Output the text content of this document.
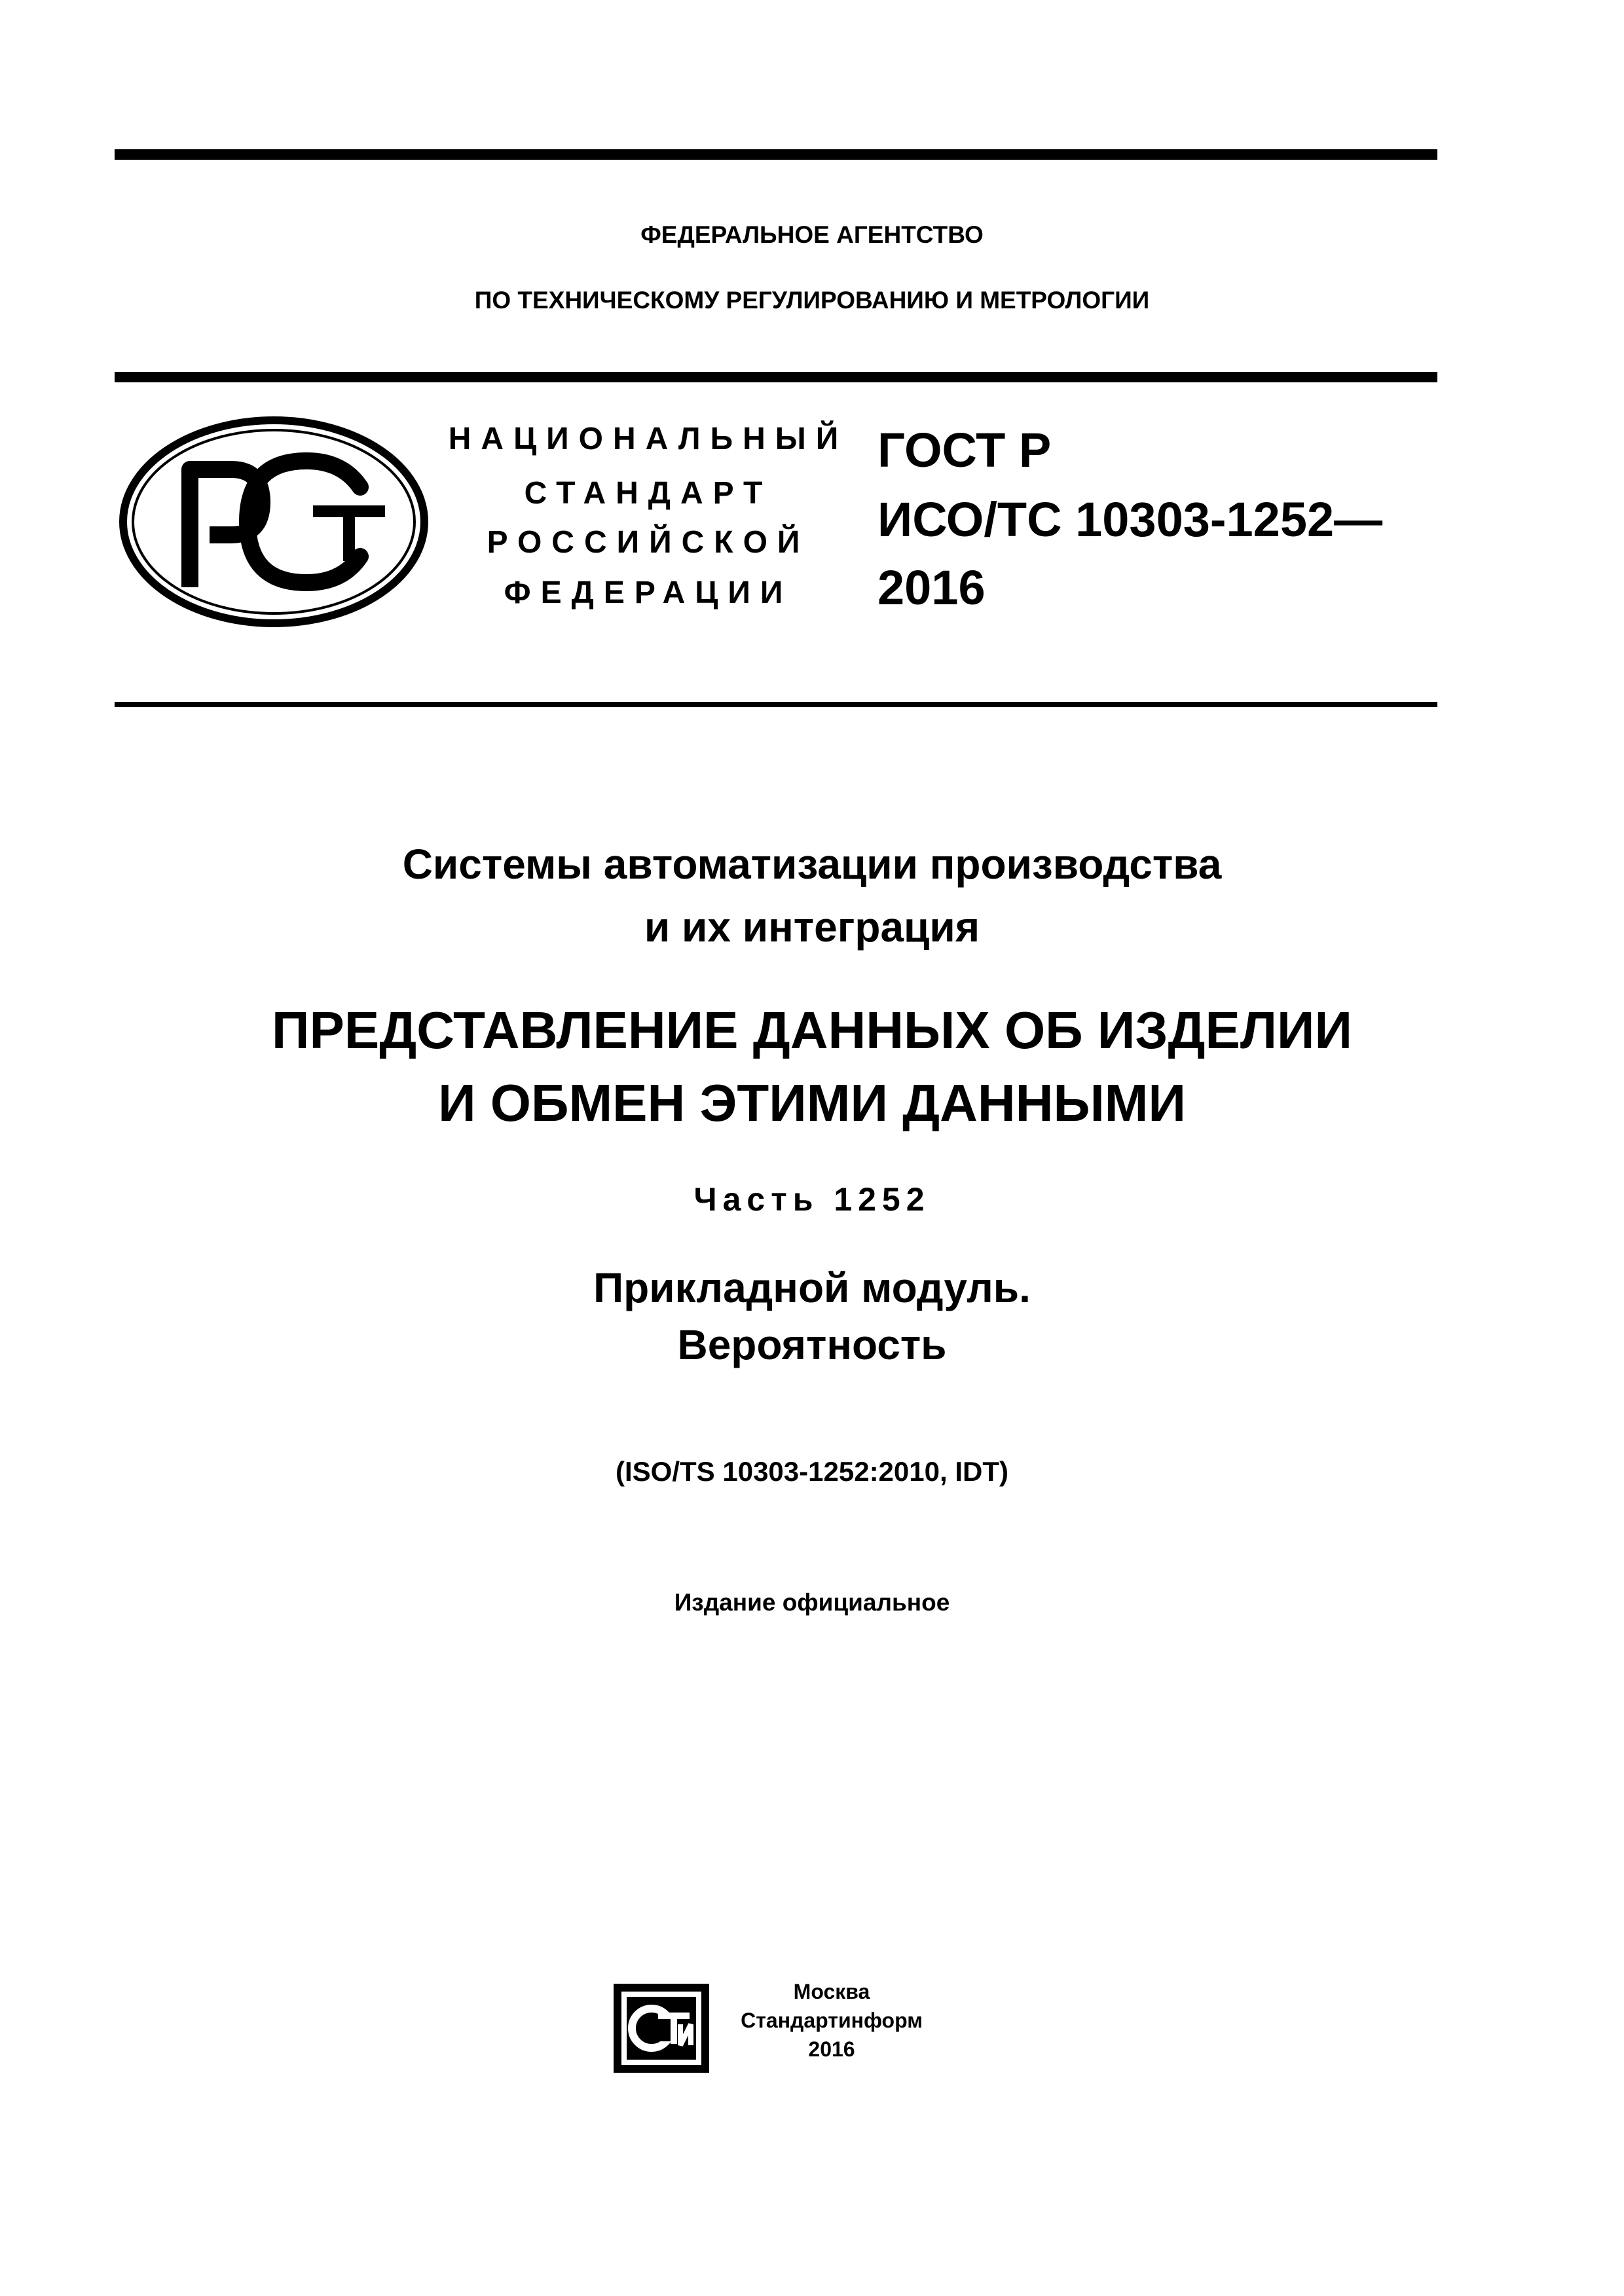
ФЕДЕРАЛЬНОЕ АГЕНТСТВО
ПО ТЕХНИЧЕСКОМУ РЕГУЛИРОВАНИЮ И МЕТРОЛОГИИ
НАЦИОНАЛЬНЫЙ
СТАНДАРТ
РОССИЙСКОЙ
ФЕДЕРАЦИИ
ГОСТ Р
ИСО/ТС 10303-1252—
2016
Системы автоматизации производства
и их интеграция
ПРЕДСТАВЛЕНИЕ ДАННЫХ ОБ ИЗДЕЛИИ
И ОБМЕН ЭТИМИ ДАННЫМИ
Часть 1252
Прикладной модуль.
Вероятность
(ISO/TS 10303-1252:2010, IDT)
Издание официальное
Москва
Стандартинформ
2016
